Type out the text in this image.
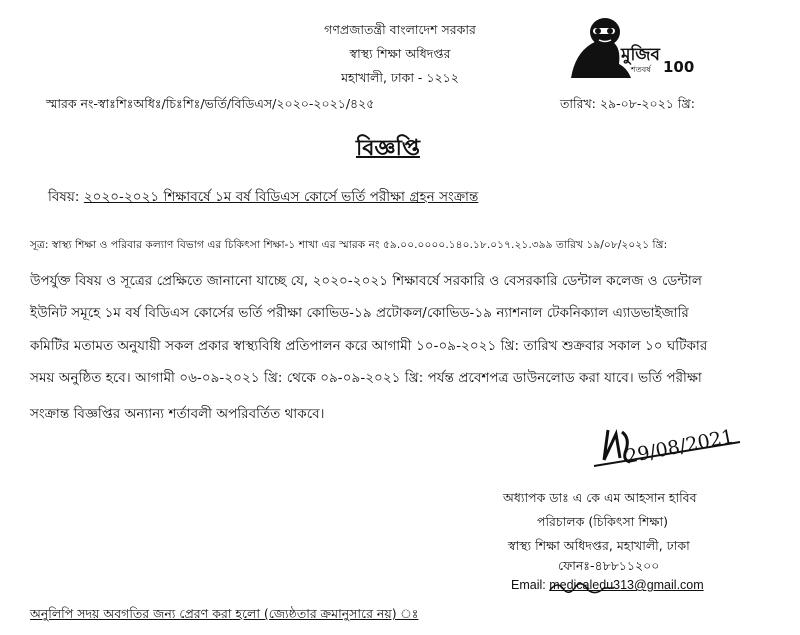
গণপ্রজাতন্ত্রী বাংলাদেশ সরকার
স্বাস্থ্য শিক্ষা অধিদপ্তর
মহাখালী, ঢাকা - ১২১২
মুজিব
শতবর্ষ 100
স্মারক নং-স্বাঃশিঃঅধিঃ/চিঃশিঃ/ভর্তি/বিডিএস/২০২০-২০২১/৪২৫	তারিখ: ২৯-০৮-২০২১ খ্রি:
বিজ্ঞপ্তি
বিষয়: ২০২০-২০২১ শিক্ষাবর্ষে ১ম বর্ষ বিডিএস কোর্সে ভর্তি পরীক্ষা গ্রহন সংক্রান্ত
সূত্র: স্বাস্থ্য শিক্ষা ও পরিবার কল্যাণ বিভাগ এর চিকিৎসা শিক্ষা-১ শাখা এর স্মারক নং ৫৯.০০.০০০০.১৪০.১৮.০১৭.২১.৩৯৯ তারিখ ১৯/০৮/২০২১ খ্রি:
উপর্যুক্ত বিষয় ও সূত্রের প্রেক্ষিতে জানানো যাচ্ছে যে, ২০২০-২০২১ শিক্ষাবর্ষে সরকারি ও বেসরকারি ডেন্টাল কলেজ ও ডেন্টাল
ইউনিট সমূহে ১ম বর্ষ বিডিএস কোর্সের ভর্তি পরীক্ষা কোভিড-১৯ প্রটোকল/কোভিড-১৯ ন্যাশনাল টেকনিক্যাল এ্যাডভাইজারি
কমিটির মতামত অনুযায়ী সকল প্রকার স্বাস্থ্যবিধি প্রতিপালন করে আগামী ১০-০৯-২০২১ খ্রি: তারিখ শুক্রবার সকাল ১০ ঘটিকার
সময় অনুষ্ঠিত হবে। আগামী ০৬-০৯-২০২১ খ্রি: থেকে ০৯-০৯-২০২১ খ্রি: পর্যন্ত প্রবেশপত্র ডাউনলোড করা যাবে। ভর্তি পরীক্ষা
সংক্রান্ত বিজ্ঞপ্তির অন্যান্য শর্তাবলী অপরিবর্তিত থাকবে।
29/08/2021
অধ্যাপক ডাঃ এ কে এম আহসান হাবিব
পরিচালক (চিকিৎসা শিক্ষা)
স্বাস্থ্য শিক্ষা অধিদপ্তর, মহাখালী, ঢাকা
ফোনঃ-৪৮৮১১২০০
Email: medicaledu313@gmail.com
অনুলিপি সদয় অবগতির জন্য প্রেরণ করা হলো (জ্যেষ্ঠতার ক্রমানুসারে নয়) ঃ
